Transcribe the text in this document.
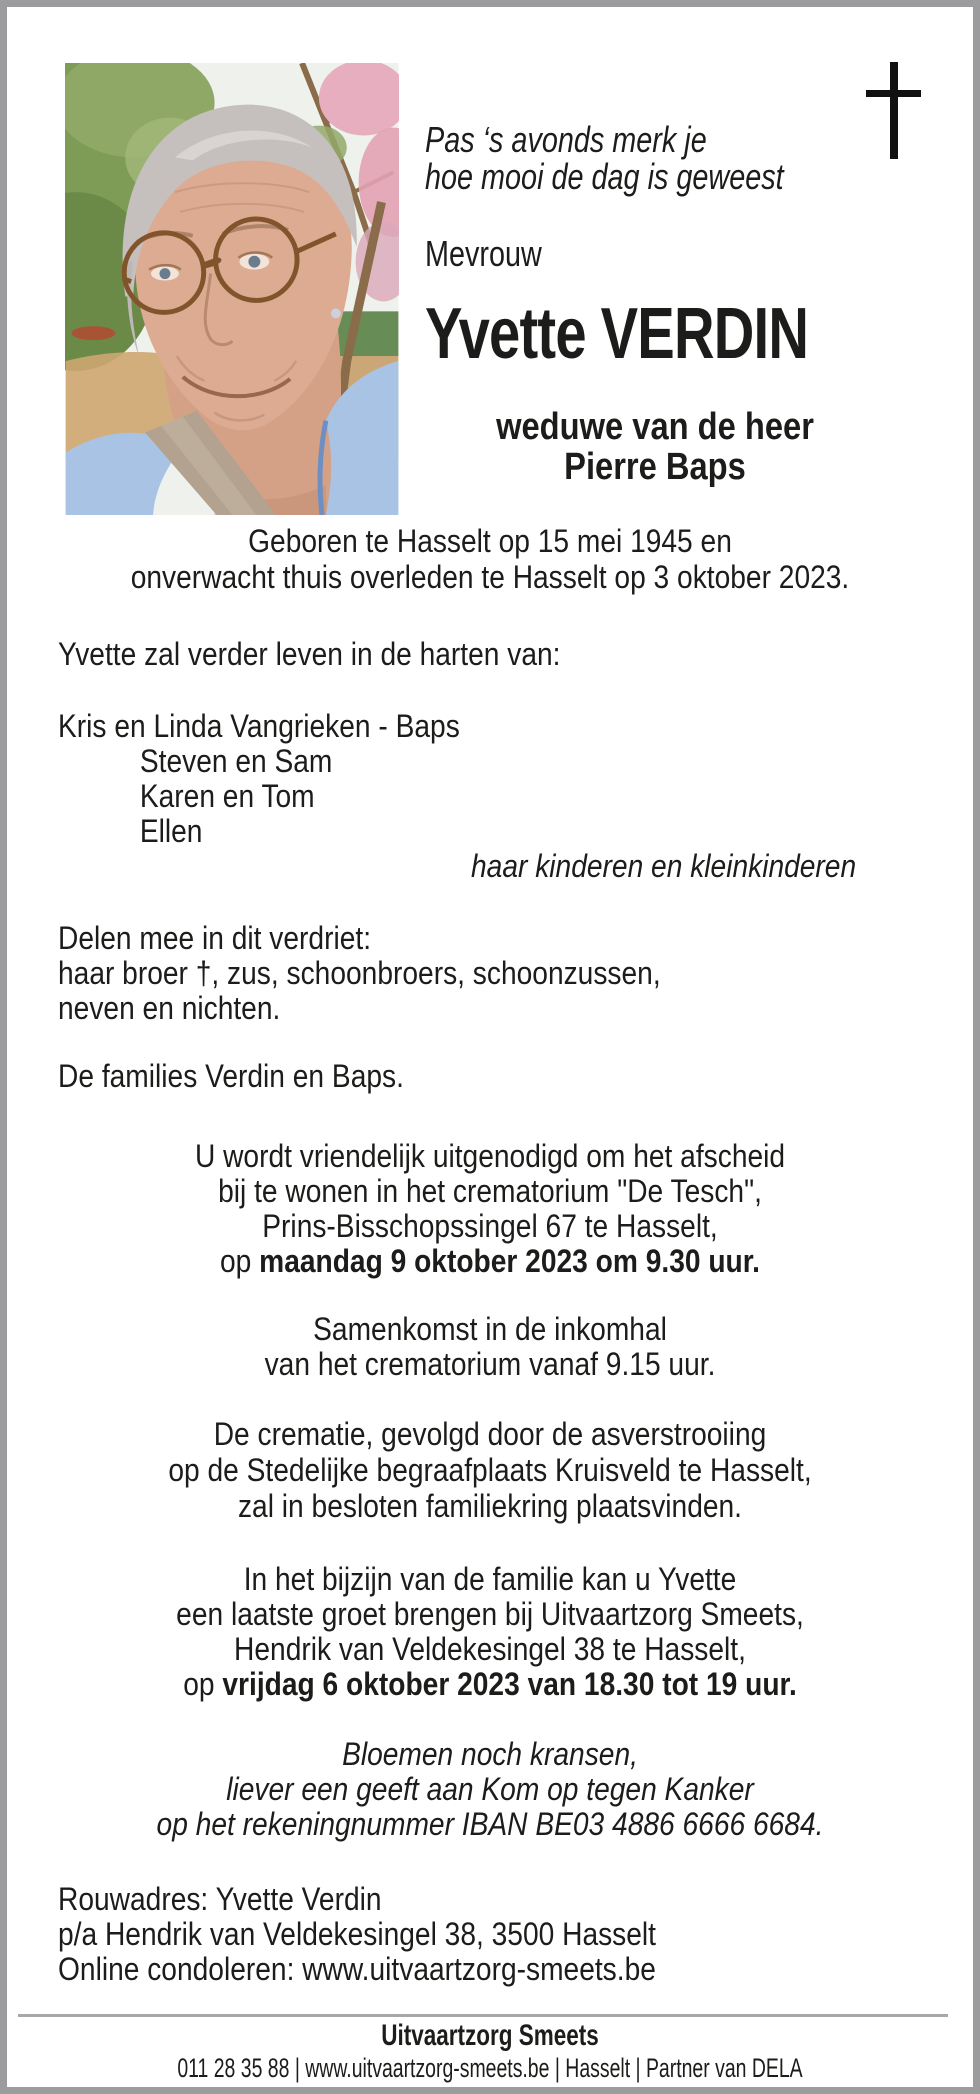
Pas ‘s avonds merk je
hoe mooi de dag is geweest
Mevrouw
Yvette VERDIN
weduwe van de heer
Pierre Baps
Geboren te Hasselt op 15 mei 1945 en
onverwacht thuis overleden te Hasselt op 3 oktober 2023.
Yvette zal verder leven in de harten van:
Kris en Linda Vangrieken - Baps
Steven en Sam
Karen en Tom
Ellen
haar kinderen en kleinkinderen
Delen mee in dit verdriet:
haar broer †, zus, schoonbroers, schoonzussen,
neven en nichten.
De families Verdin en Baps.
U wordt vriendelijk uitgenodigd om het afscheid
bij te wonen in het crematorium "De Tesch",
Prins-Bisschopssingel 67 te Hasselt,
op maandag 9 oktober 2023 om 9.30 uur.
Samenkomst in de inkomhal
van het crematorium vanaf 9.15 uur.
De crematie, gevolgd door de asverstrooiing
op de Stedelijke begraafplaats Kruisveld te Hasselt,
zal in besloten familiekring plaatsvinden.
In het bijzijn van de familie kan u Yvette
een laatste groet brengen bij Uitvaartzorg Smeets,
Hendrik van Veldekesingel 38 te Hasselt,
op vrijdag 6 oktober 2023 van 18.30 tot 19 uur.
Bloemen noch kransen,
liever een geeft aan Kom op tegen Kanker
op het rekeningnummer IBAN BE03 4886 6666 6684.
Rouwadres: Yvette Verdin
p/a Hendrik van Veldekesingel 38, 3500 Hasselt
Online condoleren: www.uitvaartzorg-smeets.be
Uitvaartzorg Smeets
011 28 35 88 | www.uitvaartzorg-smeets.be | Hasselt | Partner van DELA
